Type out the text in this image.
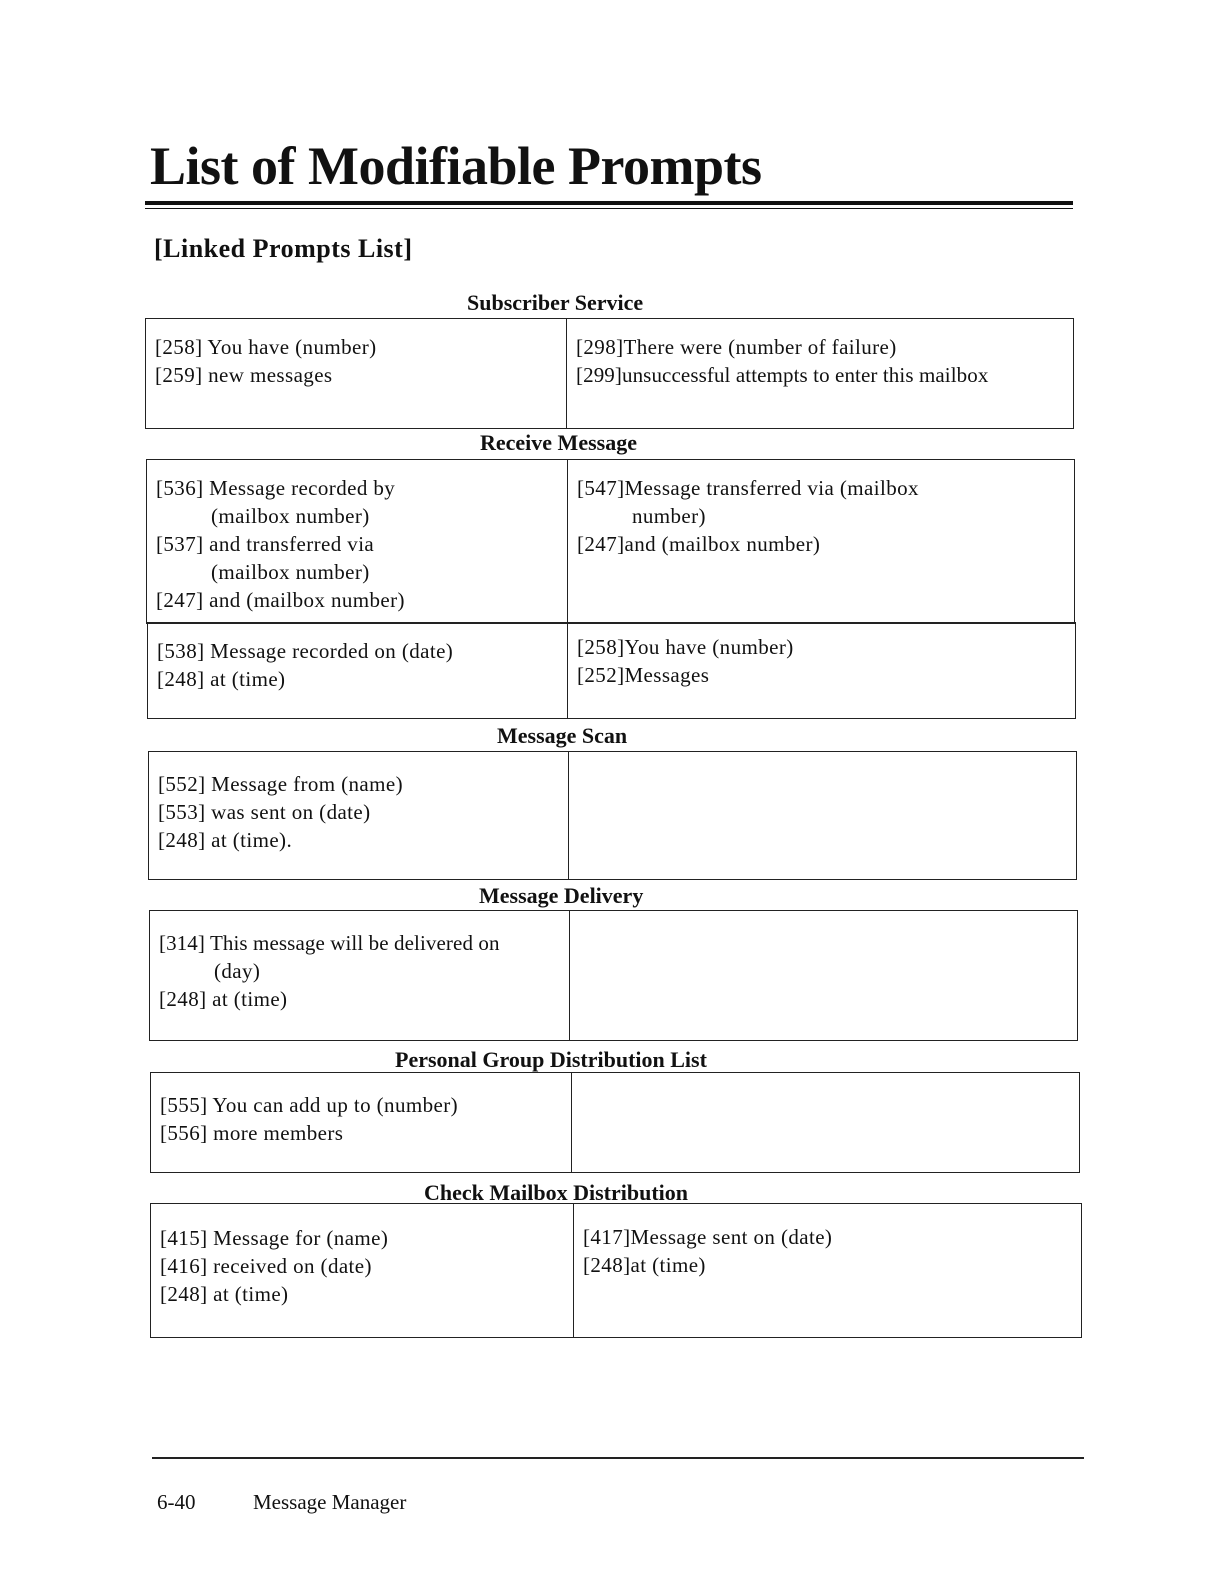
List of Modifiable Prompts
[Linked Prompts List]
Subscriber Service
[258] You have (number)
[259] new messages
[298]There were (number of failure)
[299]unsuccessful attempts to enter this mailbox
Receive Message
[536] Message recorded by
(mailbox number)
[537] and transferred via
(mailbox number)
[247] and (mailbox number)
[547]Message transferred via (mailbox
number)
[247]and (mailbox number)
[538] Message recorded on (date)
[248] at (time)
[258]You have (number)
[252]Messages
Message Scan
[552] Message from (name)
[553] was sent on (date)
[248] at (time).
Message Delivery
[314] This message will be delivered on
(day)
[248] at (time)
Personal Group Distribution List
[555] You can add up to (number)
[556] more members
Check Mailbox Distribution
[415] Message for (name)
[416] received on (date)
[248] at (time)
[417]Message sent on (date)
[248]at (time)
6-40	Message Manager
